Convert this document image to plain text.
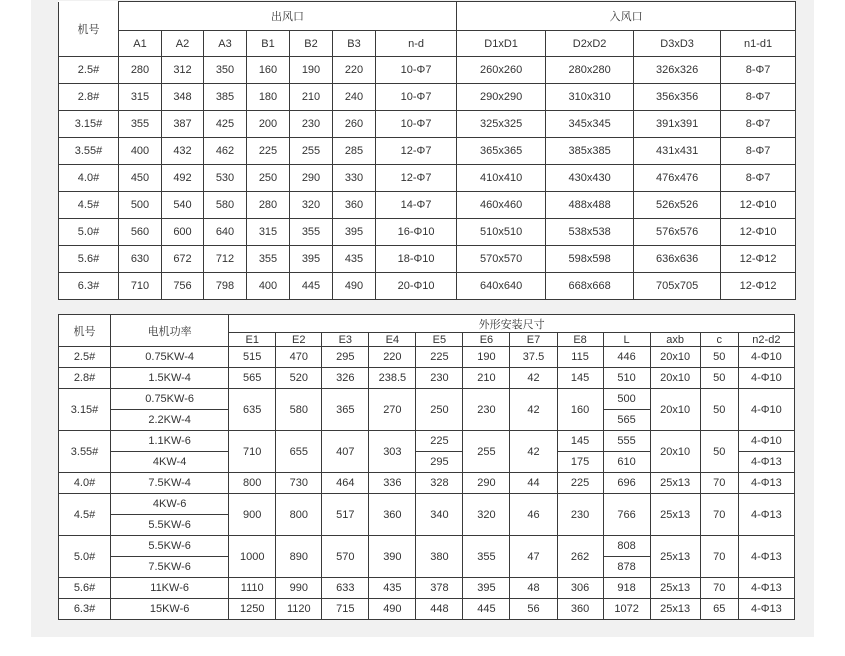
机号	出风口							入风口			
	A1	A2	A3	B1	B2	B3	n-d	D1xD1	D2xD2	D3xD3	n1-d1
2.5#	280	312	350	160	190	220	10-Φ7	260x260	280x280	326x326	8-Φ7
2.8#	315	348	385	180	210	240	10-Φ7	290x290	310x310	356x356	8-Φ7
3.15#	355	387	425	200	230	260	10-Φ7	325x325	345x345	391x391	8-Φ7
3.55#	400	432	462	225	255	285	12-Φ7	365x365	385x385	431x431	8-Φ7
4.0#	450	492	530	250	290	330	12-Φ7	410x410	430x430	476x476	8-Φ7
4.5#	500	540	580	280	320	360	14-Φ7	460x460	488x488	526x526	12-Φ10
5.0#	560	600	640	315	355	395	16-Φ10	510x510	538x538	576x576	12-Φ10
5.6#	630	672	712	355	395	435	18-Φ10	570x570	598x598	636x636	12-Φ12
6.3#	710	756	798	400	445	490	20-Φ10	640x640	668x668	705x705	12-Φ12
机号	电机功率	外形安装尺寸											
		E1	E2	E3	E4	E5	E6	E7	E8	L	axb	c	n2-d2
2.5#	0.75KW-4	515	470	295	220	225	190	37.5	115	446	20x10	50	4-Φ10
2.8#	1.5KW-4	565	520	326	238.5	230	210	42	145	510	20x10	50	4-Φ10
3.15#	0.75KW-6	635	580	365	270	250	230	42	160	500	20x10	50	4-Φ10
	2.2KW-4									565			
3.55#	1.1KW-6	710	655	407	303	225	255	42	145	555	20x10	50	4-Φ10
	4KW-4					295			175	610			4-Φ13
4.0#	7.5KW-4	800	730	464	336	328	290	44	225	696	25x13	70	4-Φ13
4.5#	4KW-6	900	800	517	360	340	320	46	230	766	25x13	70	4-Φ13
	5.5KW-6												
5.0#	5.5KW-6	1000	890	570	390	380	355	47	262	808	25x13	70	4-Φ13
	7.5KW-6									878			
5.6#	11KW-6	1110	990	633	435	378	395	48	306	918	25x13	70	4-Φ13
6.3#	15KW-6	1250	1120	715	490	448	445	56	360	1072	25x13	65	4-Φ13
